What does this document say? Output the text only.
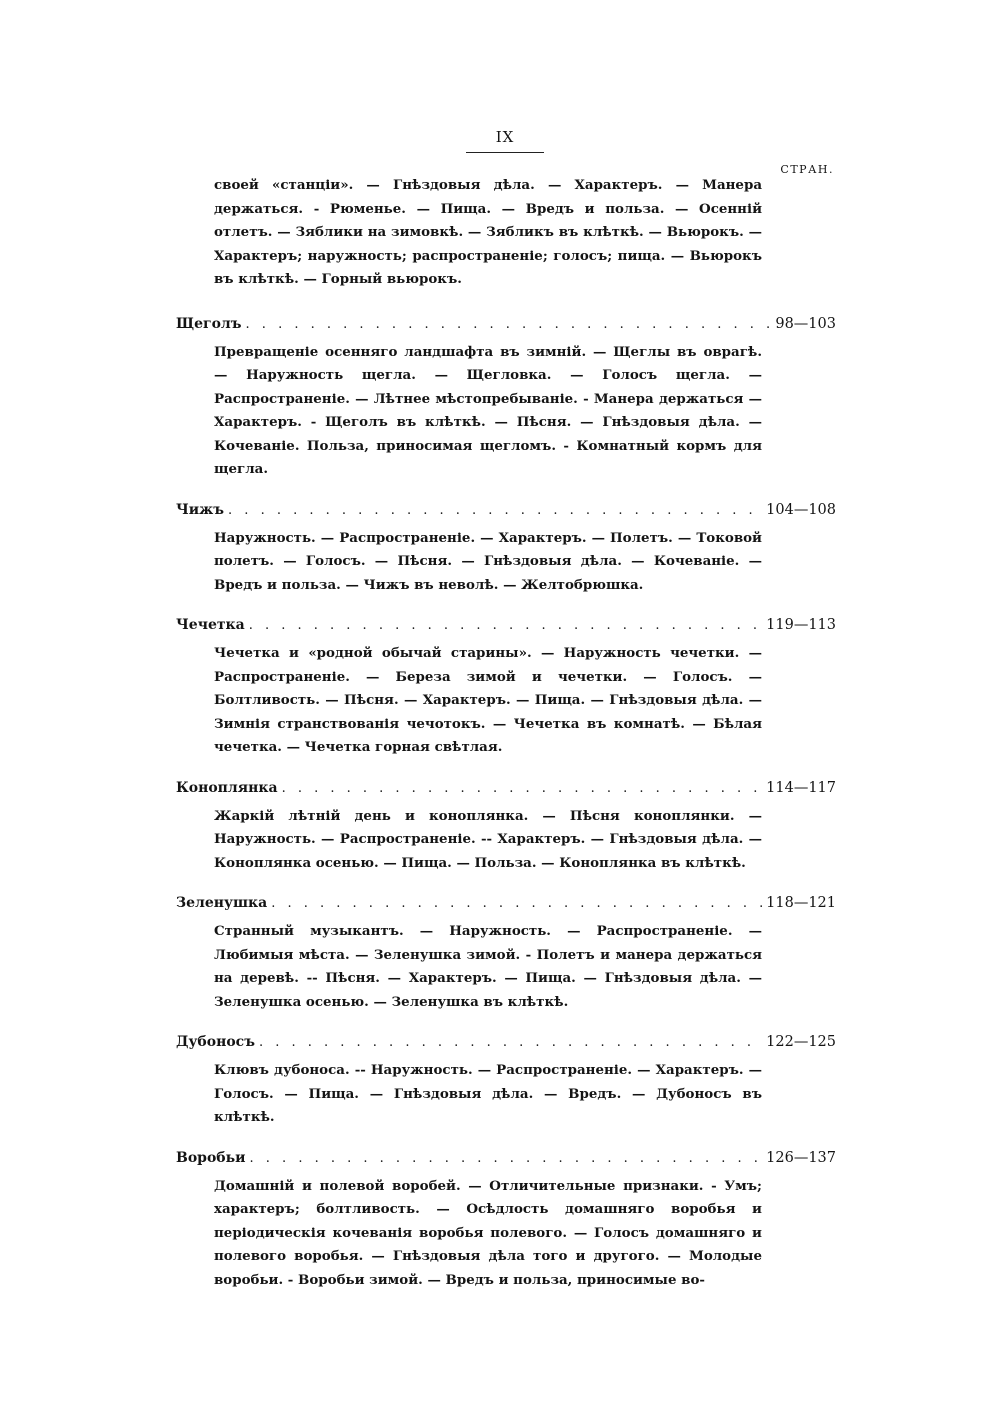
IX
СТРАН.
своей «станціи». — Гнѣздовыя дѣла. — Характеръ. — Манера держаться. - Рюменье. — Пища. — Вредъ и польза. — Осенній отлетъ. — Зяблики на зимовкѣ. — Зябликъ въ клѣткѣ. — Вьюрокъ. — Характеръ; наружность; распространеніе; голосъ; пища. — Вьюрокъ въ клѣткѣ. — Горный вьюрокъ.
Щеголъ . . .	98—103
Превращеніе осенняго ландшафта въ зимній. — Щеглы въ оврагѣ. — Наружность щегла. — Щегловка. — Голосъ щегла. — Распространеніе. — Лѣтнее мѣстопребываніе. - Манера держаться — Характеръ. - Щеголъ въ клѣткѣ. — Пѣсня. — Гнѣздовыя дѣла. — Кочеваніе. Польза, приносимая щегломъ. - Комнатный кормъ для щегла.
Чижъ . . .	104—108
Наружность. — Распространеніе. — Характеръ. — Полетъ. — Токовой полетъ. — Голосъ. — Пѣсня. — Гнѣздовыя дѣла. — Кочеваніе. — Вредъ и польза. — Чижъ въ неволѣ. — Желтобрюшка.
Чечетка . . .	119—113
Чечетка и «родной обычай старины». — Наружность чечетки. — Распространеніе. — Береза зимой и чечетки. — Голосъ. — Болтливость. — Пѣсня. — Характеръ. — Пища. — Гнѣздовыя дѣла. — Зимнія странствованія чечотокъ. — Чечетка въ комнатѣ. — Бѣлая чечетка. — Чечетка горная свѣтлая.
Коноплянка . . .	114—117
Жаркій лѣтній день и коноплянка. — Пѣсня коноплянки. — Наружность. — Распространеніе. -- Характеръ. — Гнѣздовыя дѣла. — Коноплянка осенью. — Пища. — Польза. — Коноплянка въ клѣткѣ.
Зеленушка . . .	118—121
Странный музыкантъ. — Наружность. — Распространеніе. — Любимыя мѣста. — Зеленушка зимой. - Полетъ и манера держаться на деревѣ. -- Пѣсня. — Характеръ. — Пища. — Гнѣздовыя дѣла. — Зеленушка осенью. — Зеленушка въ клѣткѣ.
Дубоносъ . . .	122—125
Клювъ дубоноса. -- Наружность. — Распространеніе. — Характеръ. — Голосъ. — Пища. — Гнѣздовыя дѣла. — Вредъ. — Дубоносъ въ клѣткѣ.
Воробьи . . .	126—137
Домашній и полевой воробей. — Отличительные признаки. - Умъ; характеръ; болтливость. — Осѣдлость домашняго воробья и періодическія кочеванія воробья полевого. — Голосъ домашняго и полевого воробья. — Гнѣздовыя дѣла того и другого. — Молодые воробьи. - Воробьи зимой. — Вредъ и польза, приносимые во-
